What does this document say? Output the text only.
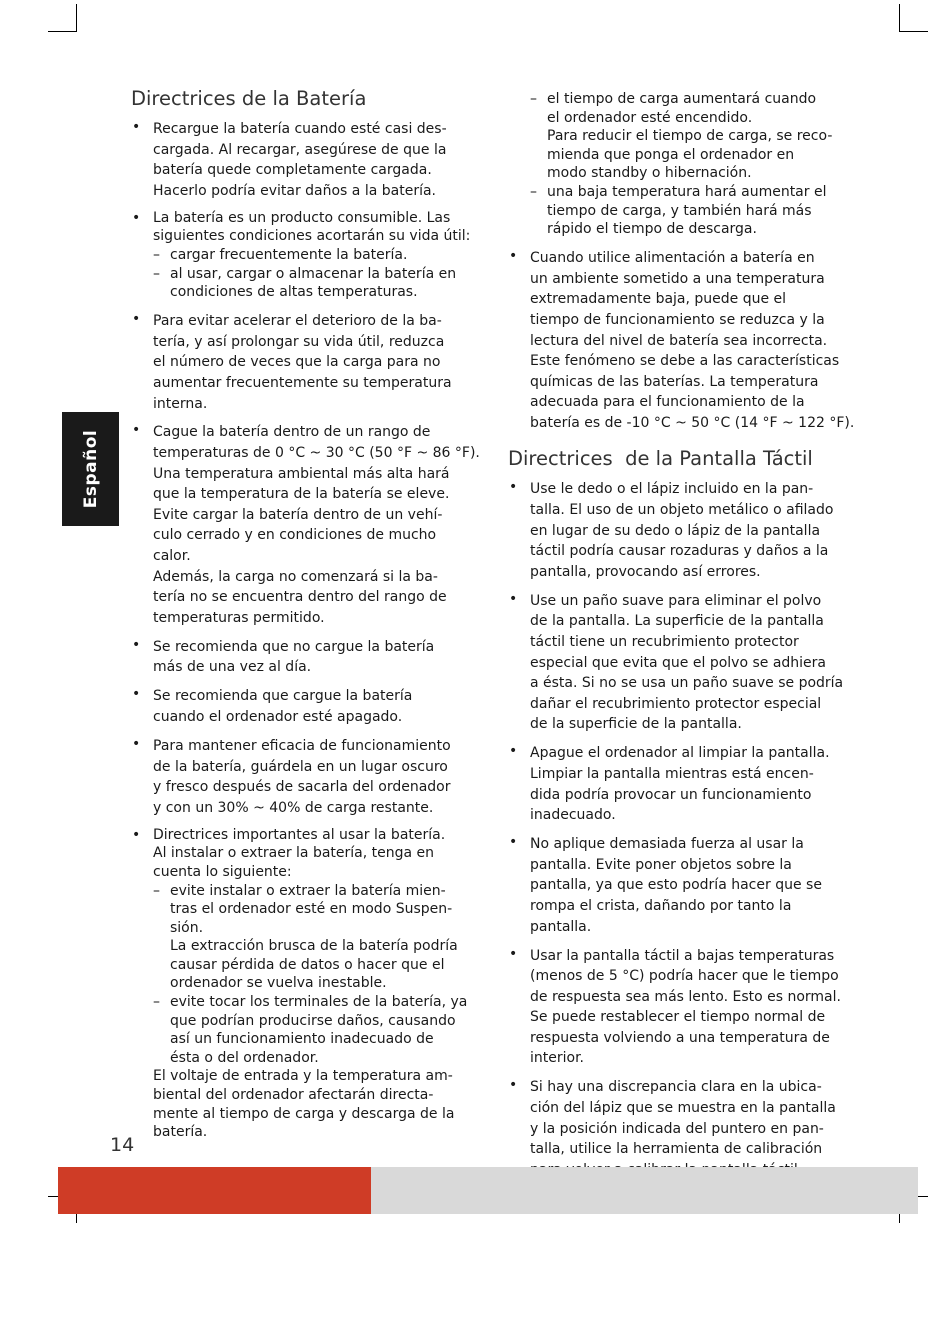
Español
Directrices de la Batería
• Recargue la batería cuando esté casi des-
cargada. Al recargar, asegúrese de que la
batería quede completamente cargada.
Hacerlo podría evitar daños a la batería.
• La batería es un producto consumible. Las
siguientes condiciones acortarán su vida útil:
– cargar frecuentemente la batería.
– al usar, cargar o almacenar la batería en
condiciones de altas temperaturas.
• Para evitar acelerar el deterioro de la ba-
tería, y así prolongar su vida útil, reduzca
el número de veces que la carga para no
aumentar frecuentemente su temperatura
interna.
• Cague la batería dentro de un rango de
temperaturas de 0 °C ~ 30 °C (50 °F ~ 86 °F).
Una temperatura ambiental más alta hará
que la temperatura de la batería se eleve.
Evite cargar la batería dentro de un vehí-
culo cerrado y en condiciones de mucho
calor.
Además, la carga no comenzará si la ba-
tería no se encuentra dentro del rango de
temperaturas permitido.
• Se recomienda que no cargue la batería
más de una vez al día.
• Se recomienda que cargue la batería
cuando el ordenador esté apagado.
• Para mantener eficacia de funcionamiento
de la batería, guárdela en un lugar oscuro
y fresco después de sacarla del ordenador
y con un 30% ~ 40% de carga restante.
• Directrices importantes al usar la batería.
Al instalar o extraer la batería, tenga en
cuenta lo siguiente:
– evite instalar o extraer la batería mien-
tras el ordenador esté en modo Suspen-
sión.
La extracción brusca de la batería podría
causar pérdida de datos o hacer que el
ordenador se vuelva inestable.
– evite tocar los terminales de la batería, ya
que podrían producirse daños, causando
así un funcionamiento inadecuado de
ésta o del ordenador.
El voltaje de entrada y la temperatura am-
biental del ordenador afectarán directa-
mente al tiempo de carga y descarga de la
batería.
– el tiempo de carga aumentará cuando
el ordenador esté encendido.
Para reducir el tiempo de carga, se reco-
mienda que ponga el ordenador en
modo standby o hibernación.
– una baja temperatura hará aumentar el
tiempo de carga, y también hará más
rápido el tiempo de descarga.
• Cuando utilice alimentación a batería en
un ambiente sometido a una temperatura
extremadamente baja, puede que el
tiempo de funcionamiento se reduzca y la
lectura del nivel de batería sea incorrecta.
Este fenómeno se debe a las características
químicas de las baterías. La temperatura
adecuada para el funcionamiento de la
batería es de -10 °C ~ 50 °C (14 °F ~ 122 °F).
Directrices  de la Pantalla Táctil
• Use le dedo o el lápiz incluido en la pan-
talla. El uso de un objeto metálico o afilado
en lugar de su dedo o lápiz de la pantalla
táctil podría causar rozaduras y daños a la
pantalla, provocando así errores.
• Use un paño suave para eliminar el polvo
de la pantalla. La superficie de la pantalla
táctil tiene un recubrimiento protector
especial que evita que el polvo se adhiera
a ésta. Si no se usa un paño suave se podría
dañar el recubrimiento protector especial
de la superficie de la pantalla.
• Apague el ordenador al limpiar la pantalla.
Limpiar la pantalla mientras está encen-
dida podría provocar un funcionamiento
inadecuado.
• No aplique demasiada fuerza al usar la
pantalla. Evite poner objetos sobre la
pantalla, ya que esto podría hacer que se
rompa el crista, dañando por tanto la
pantalla.
• Usar la pantalla táctil a bajas temperaturas
(menos de 5 °C) podría hacer que le tiempo
de respuesta sea más lento. Esto es normal.
Se puede restablecer el tiempo normal de
respuesta volviendo a una temperatura de
interior.
• Si hay una discrepancia clara en la ubica-
ción del lápiz que se muestra en la pantalla
y la posición indicada del puntero en pan-
talla, utilice la herramienta de calibración

14
